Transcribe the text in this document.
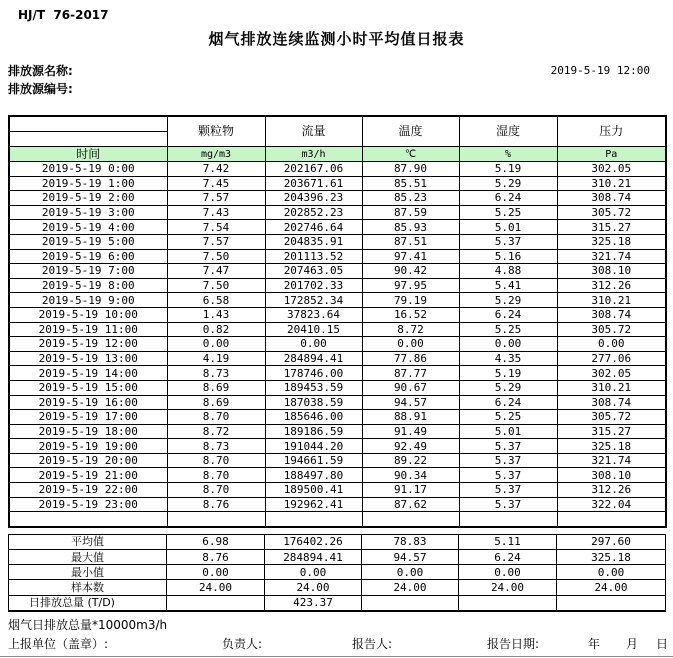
HJ/T  76-2017
烟气排放连续监测小时平均值日报表
排放源名称:
排放源编号:
2019-5-19 12:00
	颗粒物	流量	温度	湿度	压力

时间	mg/m3	m3/h	℃	%	Pa
2019-5-19 0:00	7.42	202167.06	87.90	5.19	302.05
2019-5-19 1:00	7.45	203671.61	85.51	5.29	310.21
2019-5-19 2:00	7.57	204396.23	85.23	6.24	308.74
2019-5-19 3:00	7.43	202852.23	87.59	5.25	305.72
2019-5-19 4:00	7.54	202746.64	85.93	5.01	315.27
2019-5-19 5:00	7.57	204835.91	87.51	5.37	325.18
2019-5-19 6:00	7.50	201113.52	97.41	5.16	321.74
2019-5-19 7:00	7.47	207463.05	90.42	4.88	308.10
2019-5-19 8:00	7.50	201702.33	97.95	5.41	312.26
2019-5-19 9:00	6.58	172852.34	79.19	5.29	310.21
2019-5-19 10:00	1.43	37823.64	16.52	6.24	308.74
2019-5-19 11:00	0.82	20410.15	8.72	5.25	305.72
2019-5-19 12:00	0.00	0.00	0.00	0.00	0.00
2019-5-19 13:00	4.19	284894.41	77.86	4.35	277.06
2019-5-19 14:00	8.73	178746.00	87.77	5.19	302.05
2019-5-19 15:00	8.69	189453.59	90.67	5.29	310.21
2019-5-19 16:00	8.69	187038.59	94.57	6.24	308.74
2019-5-19 17:00	8.70	185646.00	88.91	5.25	305.72
2019-5-19 18:00	8.72	189186.59	91.49	5.01	315.27
2019-5-19 19:00	8.73	191044.20	92.49	5.37	325.18
2019-5-19 20:00	8.70	194661.59	89.22	5.37	321.74
2019-5-19 21:00	8.70	188497.80	90.34	5.37	308.10
2019-5-19 22:00	8.70	189500.41	91.17	5.37	312.26
2019-5-19 23:00	8.76	192962.41	87.62	5.37	322.04

平均值	6.98	176402.26	78.83	5.11	297.60
最大值	8.76	284894.41	94.57	6.24	325.18
最小值	0.00	0.00	0.00	0.00	0.00
样本数	24.00	24.00	24.00	24.00	24.00
日排放总量 (T/D)		423.37			
烟气日排放总量*10000m3/h
上报单位（盖章）:	负责人:	报告人:	报告日期:	年 月 日
